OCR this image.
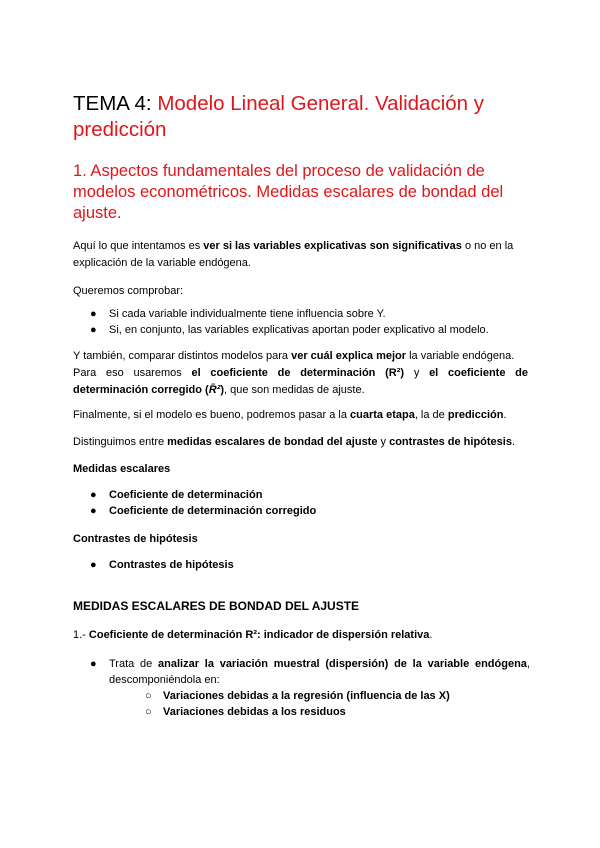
TEMA 4: Modelo Lineal General. Validación y
predicción
1. Aspectos fundamentales del proceso de validación de
modelos econométricos. Medidas escalares de bondad del
ajuste.

Aquí lo que intentamos es ver si las variables explicativas son significativas o no en la
explicación de la variable endógena.

Queremos comprobar:

● Si cada variable individualmente tiene influencia sobre Y.
● Si, en conjunto, las variables explicativas aportan poder explicativo al modelo.
Y también, comparar distintos modelos para ver cuál explica mejor la variable endógena.
Para eso usaremos el coeficiente de determinación (R²) y el coeficiente de
determinación corregido (R̄²), que son medidas de ajuste.

Finalmente, si el modelo es bueno, podremos pasar a la cuarta etapa, la de predicción.

Distinguimos entre medidas escalares de bondad del ajuste y contrastes de hipótesis.

Medidas escalares
● Coeficiente de determinación
● Coeficiente de determinación corregido
Contrastes de hipótesis
● Contrastes de hipótesis
MEDIDAS ESCALARES DE BONDAD DEL AJUSTE

1.- Coeficiente de determinación R²: indicador de dispersión relativa.

● Trata de analizar la variación muestral (dispersión) de la variable endógena,
descomponiéndola en:
○ Variaciones debidas a la regresión (influencia de las X)
○ Variaciones debidas a los residuos
